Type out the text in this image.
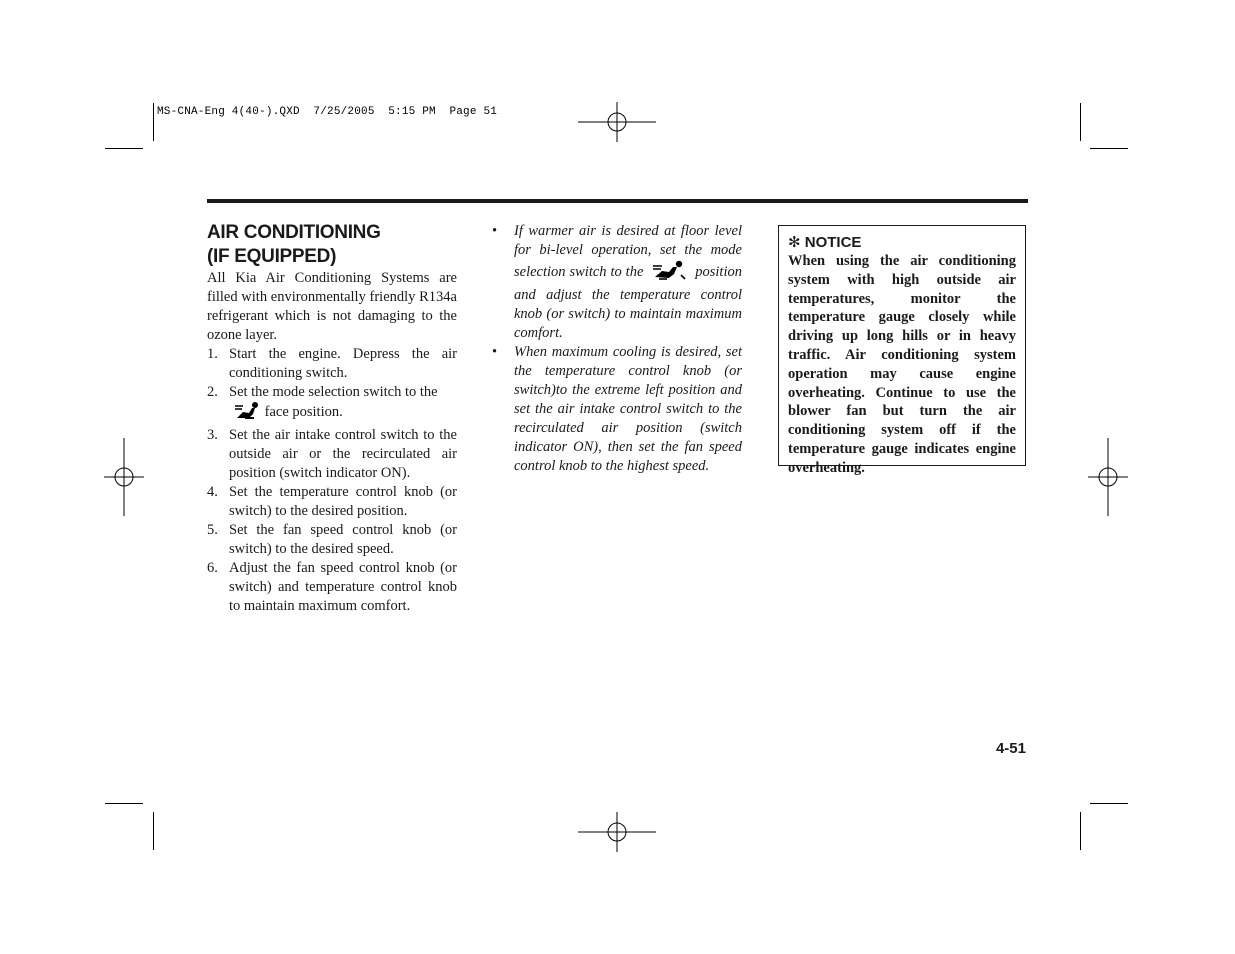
MS-CNA-Eng 4(40-).QXD  7/25/2005  5:15 PM  Page 51
AIR CONDITIONING
(IF EQUIPPED)

All Kia Air Conditioning Systems are filled with environmentally friendly R134a refrigerant which is not damaging to the ozone layer.

1. Start the engine. Depress the air conditioning switch.
2. Set the mode selection switch to the
face position.
3. Set the air intake control switch to the outside air or the recirculated air position (switch indicator ON).
4. Set the temperature control knob (or switch) to the desired position.
5. Set the fan speed control knob (or switch) to the desired speed.
6. Adjust the fan speed control knob (or switch) and temperature control knob to maintain maximum comfort.
• If warmer air is desired at floor level for bi-level operation, set the mode selection switch to the	position and adjust the temperature control knob (or switch) to maintain maximum comfort.
• When maximum cooling is desired, set the temperature control knob (or switch)to the extreme left position and set the air intake control switch to the recirculated air position (switch indicator ON), then set the fan speed control knob to the highest speed.

✻ NOTICE

When using the air conditioning system with high outside air temperatures, monitor the temperature gauge closely while driving up long hills or in heavy traffic. Air conditioning system operation may cause engine overheating. Continue to use the blower fan but turn the air conditioning system off if the temperature gauge indicates engine overheating.

4-51
